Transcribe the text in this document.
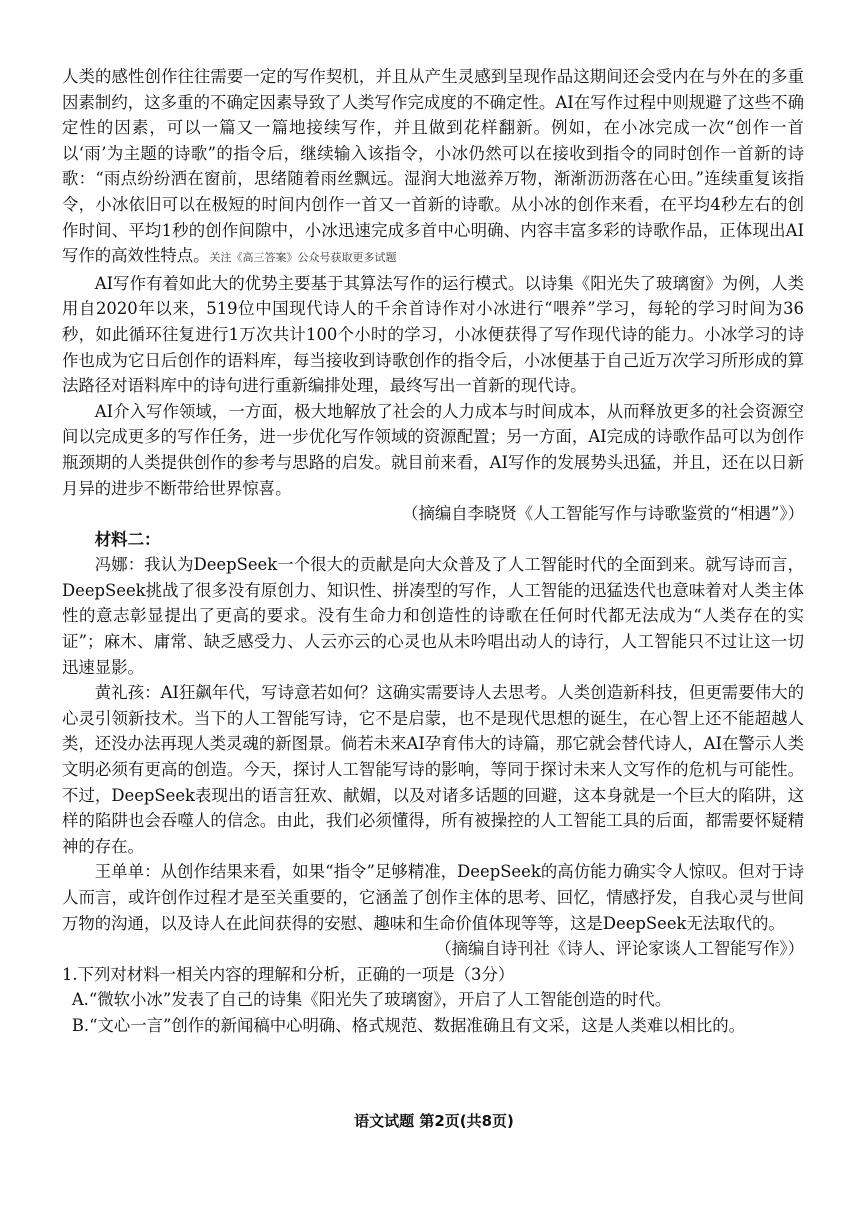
人类的感性创作往往需要一定的写作契机，并且从产生灵感到呈现作品这期间还会受内在与外在的多重因素制约，这多重的不确定因素导致了人类写作完成度的不确定性。AI在写作过程中则规避了这些不确定性的因素，可以一篇又一篇地接续写作，并且做到花样翻新。例如，在小冰完成一次“创作一首以‘雨’为主题的诗歌”的指令后，继续输入该指令，小冰仍然可以在接收到指令的同时创作一首新的诗歌：“雨点纷纷洒在窗前，思绪随着雨丝飘远。湿润大地滋养万物，渐渐沥沥落在心田。”连续重复该指令，小冰依旧可以在极短的时间内创作一首又一首新的诗歌。从小冰的创作来看，在平均4秒左右的创作时间、平均1秒的创作间隙中，小冰迅速完成多首中心明确、内容丰富多彩的诗歌作品，正体现出AI写作的高效性特点。关注《高三答案》公众号获取更多试题

AI写作有着如此大的优势主要基于其算法写作的运行模式。以诗集《阳光失了玻璃窗》为例，人类用自2020年以来，519位中国现代诗人的千余首诗作对小冰进行“喂养”学习，每轮的学习时间为36秒，如此循环往复进行1万次共计100个小时的学习，小冰便获得了写作现代诗的能力。小冰学习的诗作也成为它日后创作的语料库，每当接收到诗歌创作的指令后，小冰便基于自己近万次学习所形成的算法路径对语料库中的诗句进行重新编排处理，最终写出一首新的现代诗。

AI介入写作领域，一方面，极大地解放了社会的人力成本与时间成本，从而释放更多的社会资源空间以完成更多的写作任务，进一步优化写作领域的资源配置；另一方面，AI完成的诗歌作品可以为创作瓶颈期的人类提供创作的参考与思路的启发。就目前来看，AI写作的发展势头迅猛，并且，还在以日新月异的进步不断带给世界惊喜。

（摘编自李晓贤《人工智能写作与诗歌鉴赏的“相遇”》）

材料二：

冯娜：我认为DeepSeek一个很大的贡献是向大众普及了人工智能时代的全面到来。就写诗而言，DeepSeek挑战了很多没有原创力、知识性、拼凑型的写作，人工智能的迅猛迭代也意味着对人类主体性的意志彰显提出了更高的要求。没有生命力和创造性的诗歌在任何时代都无法成为“人类存在的实证”；麻木、庸常、缺乏感受力、人云亦云的心灵也从未吟唱出动人的诗行，人工智能只不过让这一切迅速显影。

黄礼孩：AI狂飙年代，写诗意若如何？这确实需要诗人去思考。人类创造新科技，但更需要伟大的心灵引领新技术。当下的人工智能写诗，它不是启蒙，也不是现代思想的诞生，在心智上还不能超越人类，还没办法再现人类灵魂的新图景。倘若未来AI孕育伟大的诗篇，那它就会替代诗人，AI在警示人类文明必须有更高的创造。今天，探讨人工智能写诗的影响，等同于探讨未来人文写作的危机与可能性。不过，DeepSeek表现出的语言狂欢、献媚，以及对诸多话题的回避，这本身就是一个巨大的陷阱，这样的陷阱也会吞噬人的信念。由此，我们必须懂得，所有被操控的人工智能工具的后面，都需要怀疑精神的存在。

王单单：从创作结果来看，如果“指令”足够精准，DeepSeek的高仿能力确实令人惊叹。但对于诗人而言，或许创作过程才是至关重要的，它涵盖了创作主体的思考、回忆，情感抒发，自我心灵与世间万物的沟通，以及诗人在此间获得的安慰、趣味和生命价值体现等等，这是DeepSeek无法取代的。

（摘编自诗刊社《诗人、评论家谈人工智能写作》）

1.下列对材料一相关内容的理解和分析，正确的一项是（3分）

A.“微软小冰”发表了自己的诗集《阳光失了玻璃窗》，开启了人工智能创造的时代。

B.“文心一言”创作的新闻稿中心明确、格式规范、数据准确且有文采，这是人类难以相比的。

语文试题 第2页(共8页)
